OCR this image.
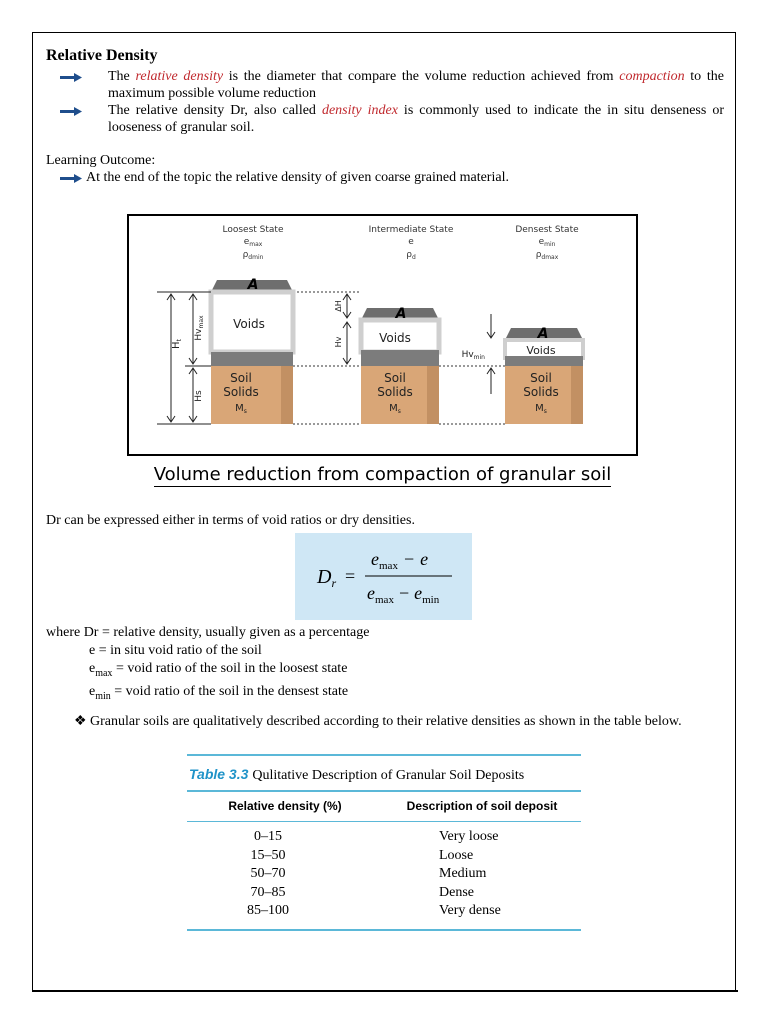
Relative Density

The relative density is the diameter that compare the volume reduction achieved from compaction to the maximum possible volume reduction

The relative density Dr, also called density index is commonly used to indicate the in situ denseness or looseness of granular soil.

Learning Outcome:
At the end of the topic the relative density of given coarse grained material.
Loosest State
$e_{max}$
$\rho_{dmin}$
Intermediate State
e
$\rho_d$
Densest State
$e_{min}$
$\rho_{dmax}$
A
Voids
Soil
Solids
$M_s$
A
Voids
Soil
Solids
$M_s$
A
Voids
Soil
Solids
$M_s$
$H_t$ $Hv_{max}$
Hs
ΔH
Hv
$Hv_{min}$
Volume reduction from compaction of granular soil
Dr can be expressed either in terms of void ratios or dry densities.
$D_r$ =
$e_{max} - e$
$e_{max} - e_{min}$
where Dr = relative density, usually given as a percentage
e = in situ void ratio of the soil
$e_{max}$ = void ratio of the soil in the loosest state
$e_{min}$ = void ratio of the soil in the densest state
❖ Granular soils are qualitatively described according to their relative densities as shown in the table below.
Table 3.3 Qulitative Description of Granular Soil Deposits
Relative density (%)	Description of soil deposit
0–15	Very loose
15–50	Loose
50–70	Medium
70–85	Dense
85–100	Very dense
